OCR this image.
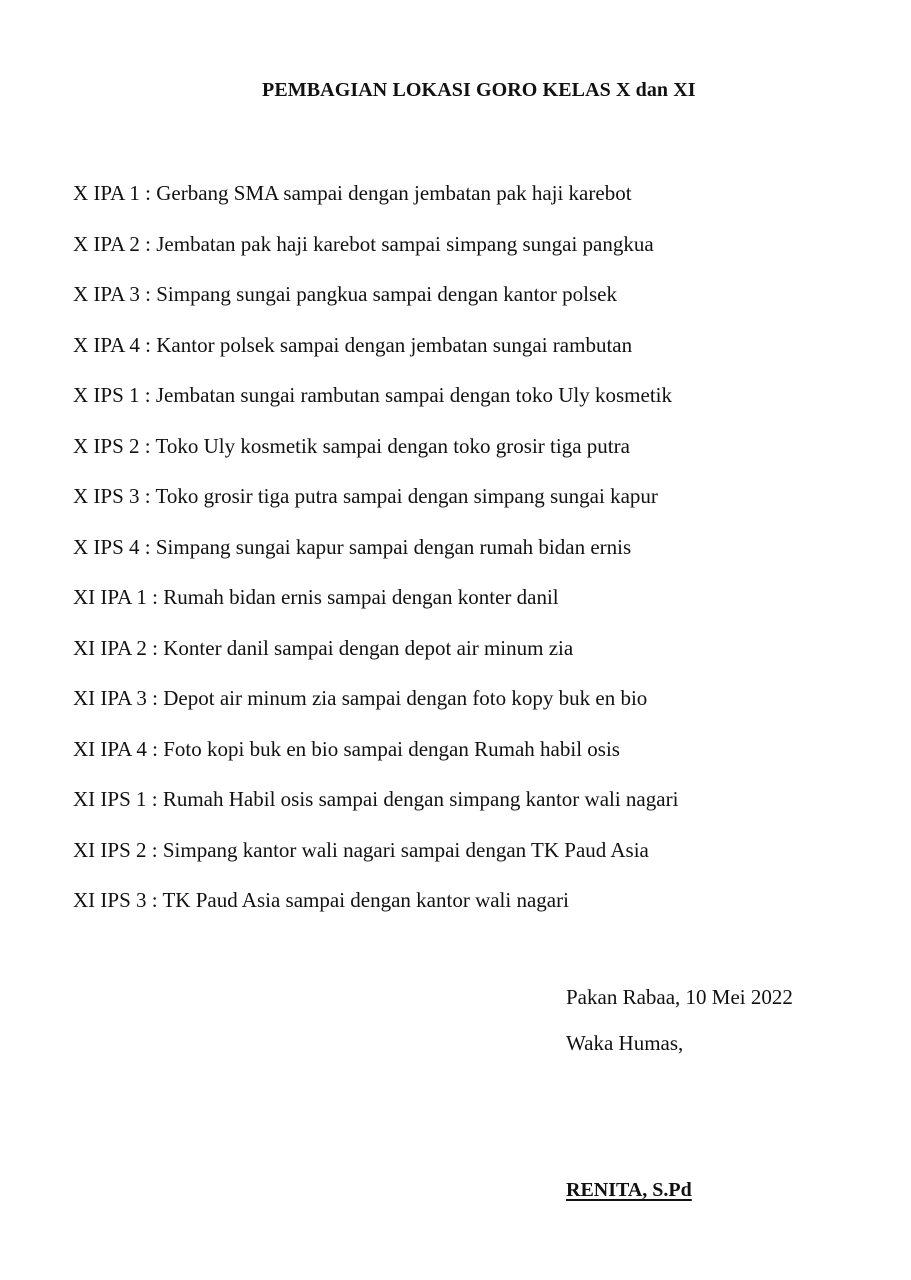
PEMBAGIAN LOKASI GORO KELAS X dan XI
X IPA 1 : Gerbang SMA sampai dengan jembatan pak haji karebot
X IPA 2 : Jembatan pak haji karebot sampai simpang sungai pangkua
X IPA 3 : Simpang sungai pangkua sampai dengan kantor polsek
X IPA 4 : Kantor polsek sampai dengan jembatan sungai rambutan
X IPS 1 : Jembatan sungai rambutan sampai dengan toko Uly kosmetik
X IPS 2 : Toko Uly kosmetik sampai dengan toko grosir tiga putra
X IPS 3 : Toko grosir tiga putra sampai dengan simpang sungai kapur
X IPS 4 : Simpang sungai kapur sampai dengan rumah bidan ernis
XI IPA 1 : Rumah bidan ernis sampai dengan konter danil
XI IPA 2 : Konter danil sampai dengan depot air minum zia
XI IPA 3 : Depot air minum zia sampai dengan foto kopy buk en bio
XI IPA 4 : Foto kopi buk en bio sampai dengan Rumah habil osis
XI IPS 1 : Rumah Habil osis sampai dengan simpang kantor wali nagari
XI IPS 2 : Simpang kantor wali nagari sampai dengan TK Paud Asia
XI IPS 3 : TK Paud Asia sampai dengan kantor wali nagari
Pakan Rabaa, 10 Mei 2022
Waka Humas,
RENITA, S.Pd
